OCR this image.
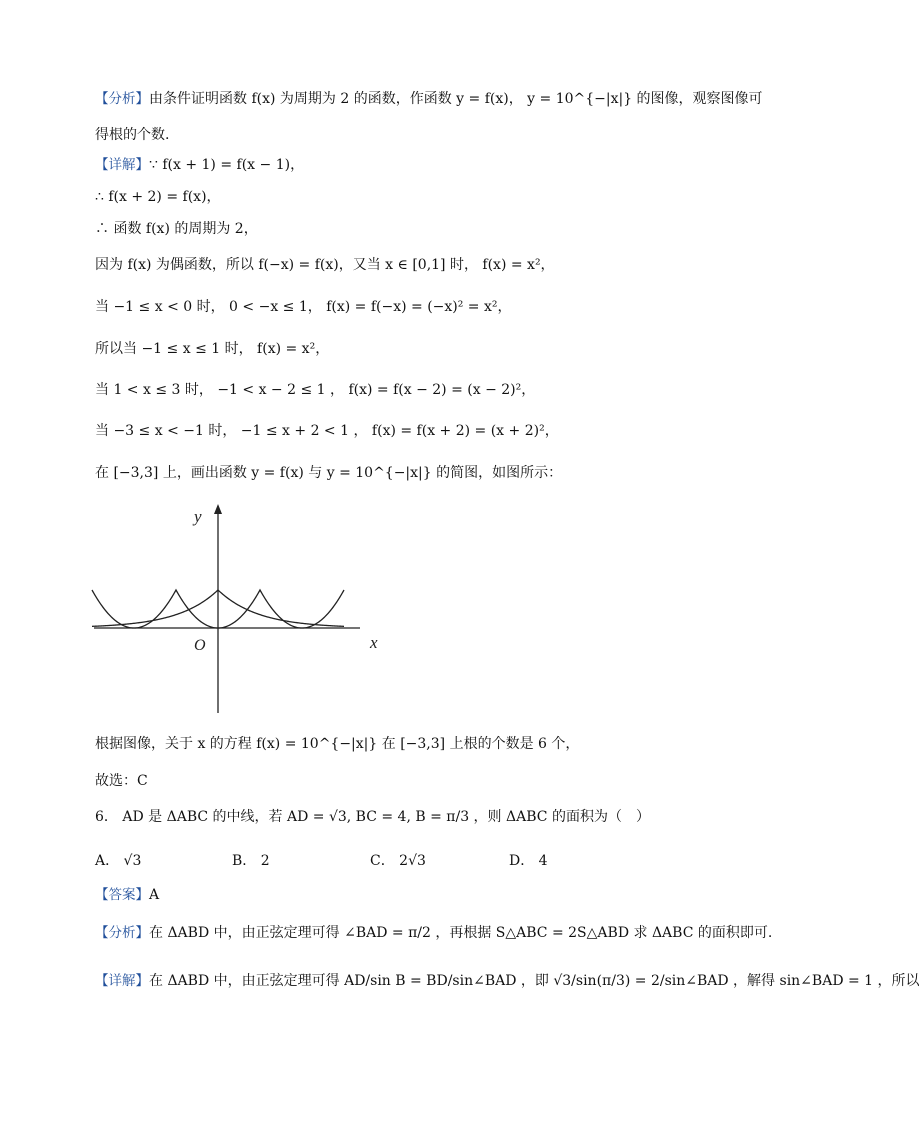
【分析】由条件证明函数 f(x) 为周期为 2 的函数，作函数 y = f(x)， y = 10^{−|x|} 的图像，观察图像可
得根的个数.
【详解】∵ f(x + 1) = f(x − 1)，
∴ f(x + 2) = f(x)，
∴ 函数 f(x) 的周期为 2，
因为 f(x) 为偶函数，所以 f(−x) = f(x)，又当 x ∈ [0,1] 时， f(x) = x²，
当 −1 ≤ x < 0 时， 0 < −x ≤ 1， f(x) = f(−x) = (−x)² = x²，
所以当 −1 ≤ x ≤ 1 时， f(x) = x²，
当 1 < x ≤ 3 时， −1 < x − 2 ≤ 1 ， f(x) = f(x − 2) = (x − 2)²，
当 −3 ≤ x < −1 时， −1 ≤ x + 2 < 1 ， f(x) = f(x + 2) = (x + 2)²，
在 [−3,3] 上，画出函数 y = f(x) 与 y = 10^{−|x|} 的简图，如图所示：
y
x
O
根据图像，关于 x 的方程 f(x) = 10^{−|x|} 在 [−3,3] 上根的个数是 6 个，
故选：C
6． AD 是 ΔABC 的中线，若 AD = √3, BC = 4, B = π/3 ，则 ΔABC 的面积为（　）
A． √3	B． 2	C． 2√3	D． 4
【答案】A
【分析】在 ΔABD 中，由正弦定理可得 ∠BAD = π/2 ，再根据 S△ABC = 2S△ABD 求 ΔABC 的面积即可.
【详解】在 ΔABD 中，由正弦定理可得 AD/sin B = BD/sin∠BAD ，即 √3/sin(π/3) = 2/sin∠BAD ，解得 sin∠BAD = 1 ，所以
